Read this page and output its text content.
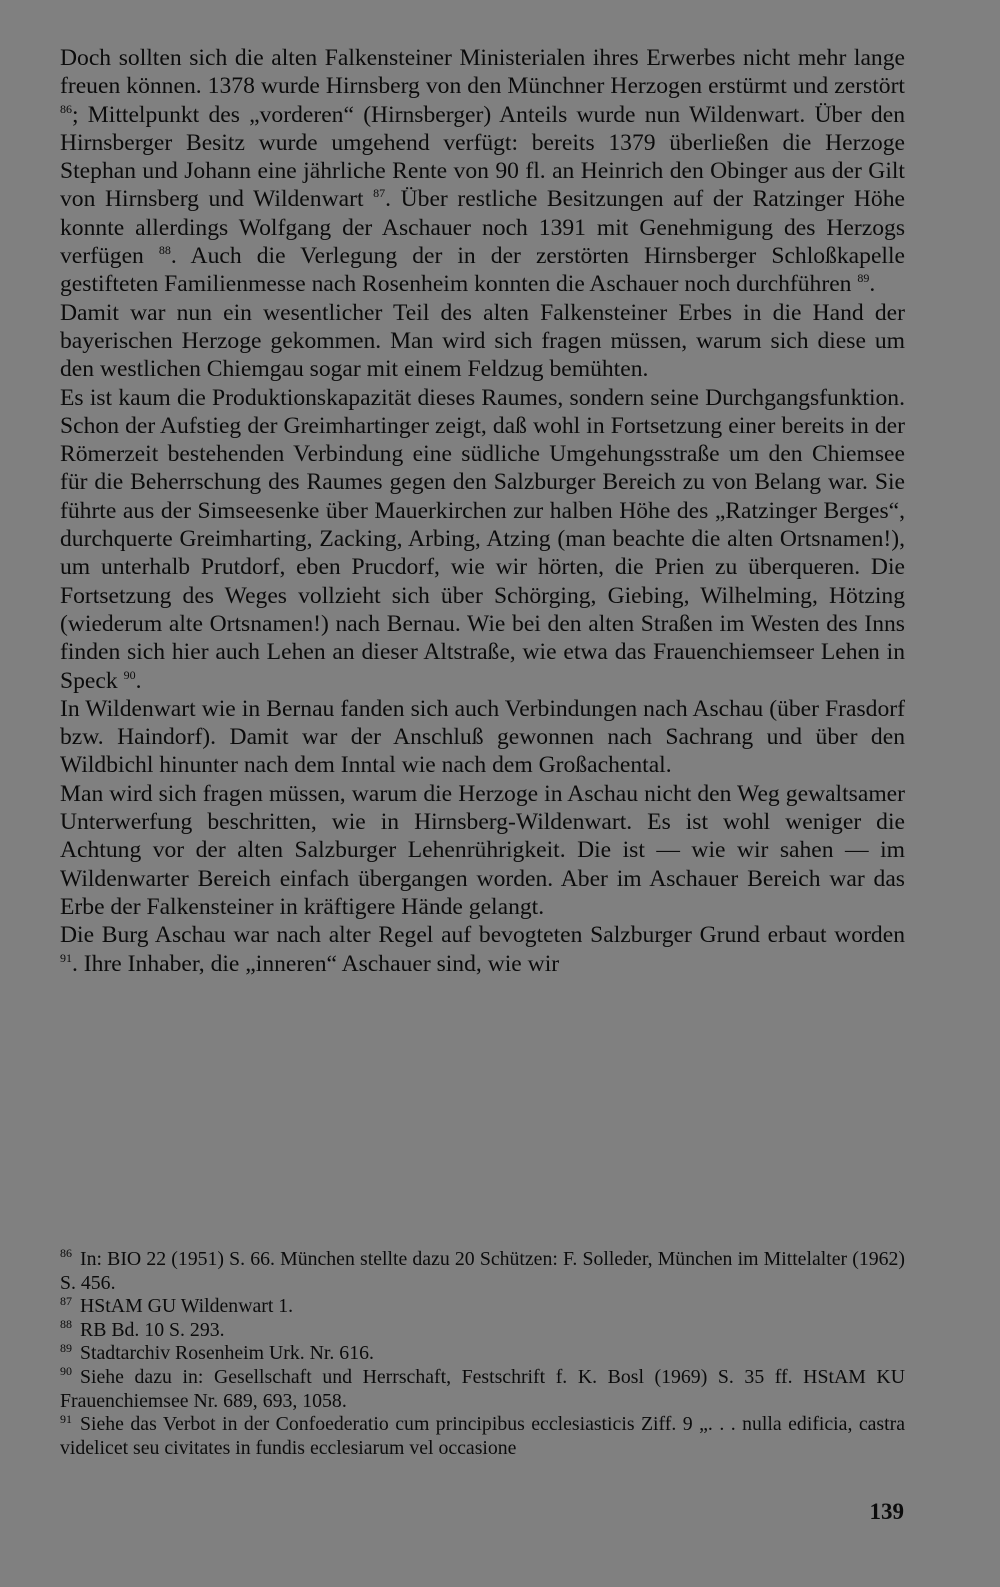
Doch sollten sich die alten Falkensteiner Ministerialen ihres Erwerbes nicht mehr lange freuen können. 1378 wurde Hirnsberg von den Münchner Herzogen erstürmt und zerstört $^{86}$; Mittelpunkt des „vorderen“ (Hirnsberger) Anteils wurde nun Wildenwart. Über den Hirnsberger Besitz wurde umgehend verfügt: bereits 1379 überließen die Herzoge Stephan und Johann eine jährliche Rente von 90 fl. an Heinrich den Obinger aus der Gilt von Hirnsberg und Wildenwart $^{87}$. Über restliche Besitzungen auf der Ratzinger Höhe konnte allerdings Wolfgang der Aschauer noch 1391 mit Genehmigung des Herzogs verfügen $^{88}$. Auch die Verlegung der in der zerstörten Hirnsberger Schloßkapelle gestifteten Familienmesse nach Rosenheim konnten die Aschauer noch durchführen $^{89}$.

Damit war nun ein wesentlicher Teil des alten Falkensteiner Erbes in die Hand der bayerischen Herzoge gekommen. Man wird sich fragen müssen, warum sich diese um den westlichen Chiemgau sogar mit einem Feldzug bemühten.

Es ist kaum die Produktionskapazität dieses Raumes, sondern seine Durchgangsfunktion. Schon der Aufstieg der Greimhartinger zeigt, daß wohl in Fortsetzung einer bereits in der Römerzeit bestehenden Verbindung eine südliche Umgehungsstraße um den Chiemsee für die Beherrschung des Raumes gegen den Salzburger Bereich zu von Belang war. Sie führte aus der Simseesenke über Mauerkirchen zur halben Höhe des „Ratzinger Berges“, durchquerte Greimharting, Zacking, Arbing, Atzing (man beachte die alten Ortsnamen!), um unterhalb Prutdorf, eben Prucdorf, wie wir hörten, die Prien zu überqueren. Die Fortsetzung des Weges vollzieht sich über Schörging, Giebing, Wilhelming, Hötzing (wiederum alte Ortsnamen!) nach Bernau. Wie bei den alten Straßen im Westen des Inns finden sich hier auch Lehen an dieser Altstraße, wie etwa das Frauenchiemseer Lehen in Speck $^{90}$.

In Wildenwart wie in Bernau fanden sich auch Verbindungen nach Aschau (über Frasdorf bzw. Haindorf). Damit war der Anschluß gewonnen nach Sachrang und über den Wildbichl hinunter nach dem Inntal wie nach dem Großachental.

Man wird sich fragen müssen, warum die Herzoge in Aschau nicht den Weg gewaltsamer Unterwerfung beschritten, wie in Hirnsberg-Wildenwart. Es ist wohl weniger die Achtung vor der alten Salzburger Lehenrührigkeit. Die ist — wie wir sahen — im Wildenwarter Bereich einfach übergangen worden. Aber im Aschauer Bereich war das Erbe der Falkensteiner in kräftigere Hände gelangt.

Die Burg Aschau war nach alter Regel auf bevogteten Salzburger Grund erbaut worden $^{91}$. Ihre Inhaber, die „inneren“ Aschauer sind, wie wir

$^{86}$ In: BIO 22 (1951) S. 66. München stellte dazu 20 Schützen: F. Solleder, München im Mittelalter (1962) S. 456.

$^{87}$ HStAM GU Wildenwart 1.

$^{88}$ RB Bd. 10 S. 293.

$^{89}$ Stadtarchiv Rosenheim Urk. Nr. 616.

$^{90}$ Siehe dazu in: Gesellschaft und Herrschaft, Festschrift f. K. Bosl (1969) S. 35 ff. HStAM KU Frauenchiemsee Nr. 689, 693, 1058.

$^{91}$ Siehe das Verbot in der Confoederatio cum principibus ecclesiasticis Ziff. 9 „. . . nulla edificia, castra videlicet seu civitates in fundis ecclesiarum vel occasione

139
